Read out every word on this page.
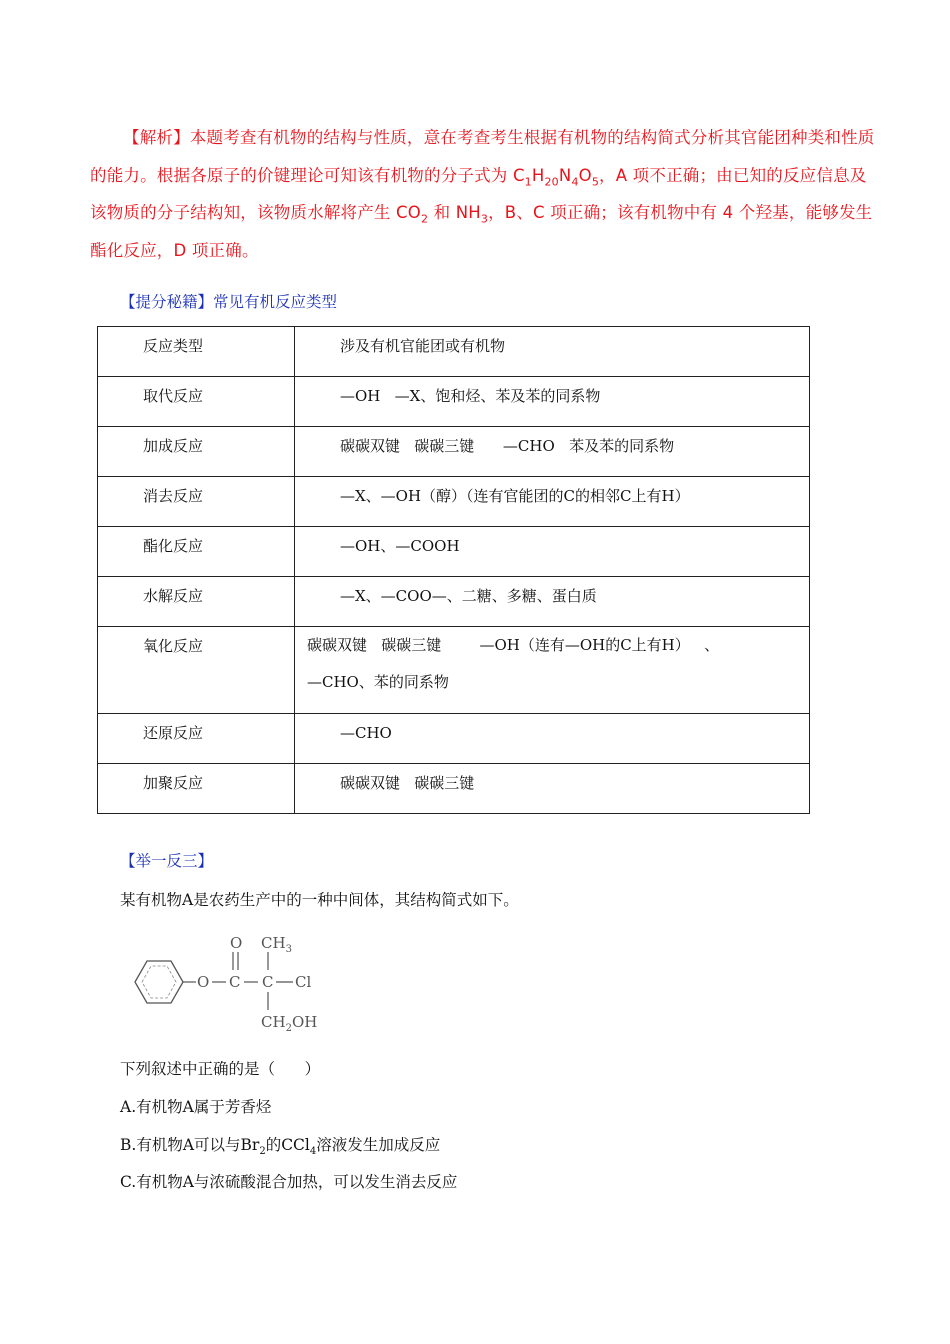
【解析】本题考查有机物的结构与性质，意在考查考生根据有机物的结构简式分析其官能团种类和性质的能力。根据各原子的价键理论可知该有机物的分子式为 $C_1H_{20}N_4O_5$，A 项不正确；由已知的反应信息及该物质的分子结构知，该物质水解将产生 $CO_2$ 和 $NH_3$，B、C 项正确；该有机物中有 4 个羟基，能够发生酯化反应，D 项正确。
【提分秘籍】常见有机反应类型
反应类型	涉及有机官能团或有机物

取代反应	—OH   —X、饱和烃、苯及苯的同系物

加成反应	碳碳双键   碳碳三键      —CHO   苯及苯的同系物

消去反应	—X、—OH（醇）（连有官能团的C的相邻C上有H）

酯化反应	—OH、—COOH

水解反应	—X、—COO—、二糖、多糖、蛋白质

氧化反应	碳碳双键   碳碳三键        —OH（连有—OH的C上有H）   、
—CHO、苯的同系物

还原反应	—CHO

加聚反应	碳碳双键   碳碳三键
【举一反三】
某有机物A是农药生产中的一种中间体，其结构简式如下。
O $CH_3$
O C C Cl
$CH_2OH$
下列叙述中正确的是（      ）
A.有机物A属于芳香烃
B.有机物A可以与$Br_2$的CCl$_4$溶液发生加成反应
C.有机物A与浓硫酸混合加热，可以发生消去反应
